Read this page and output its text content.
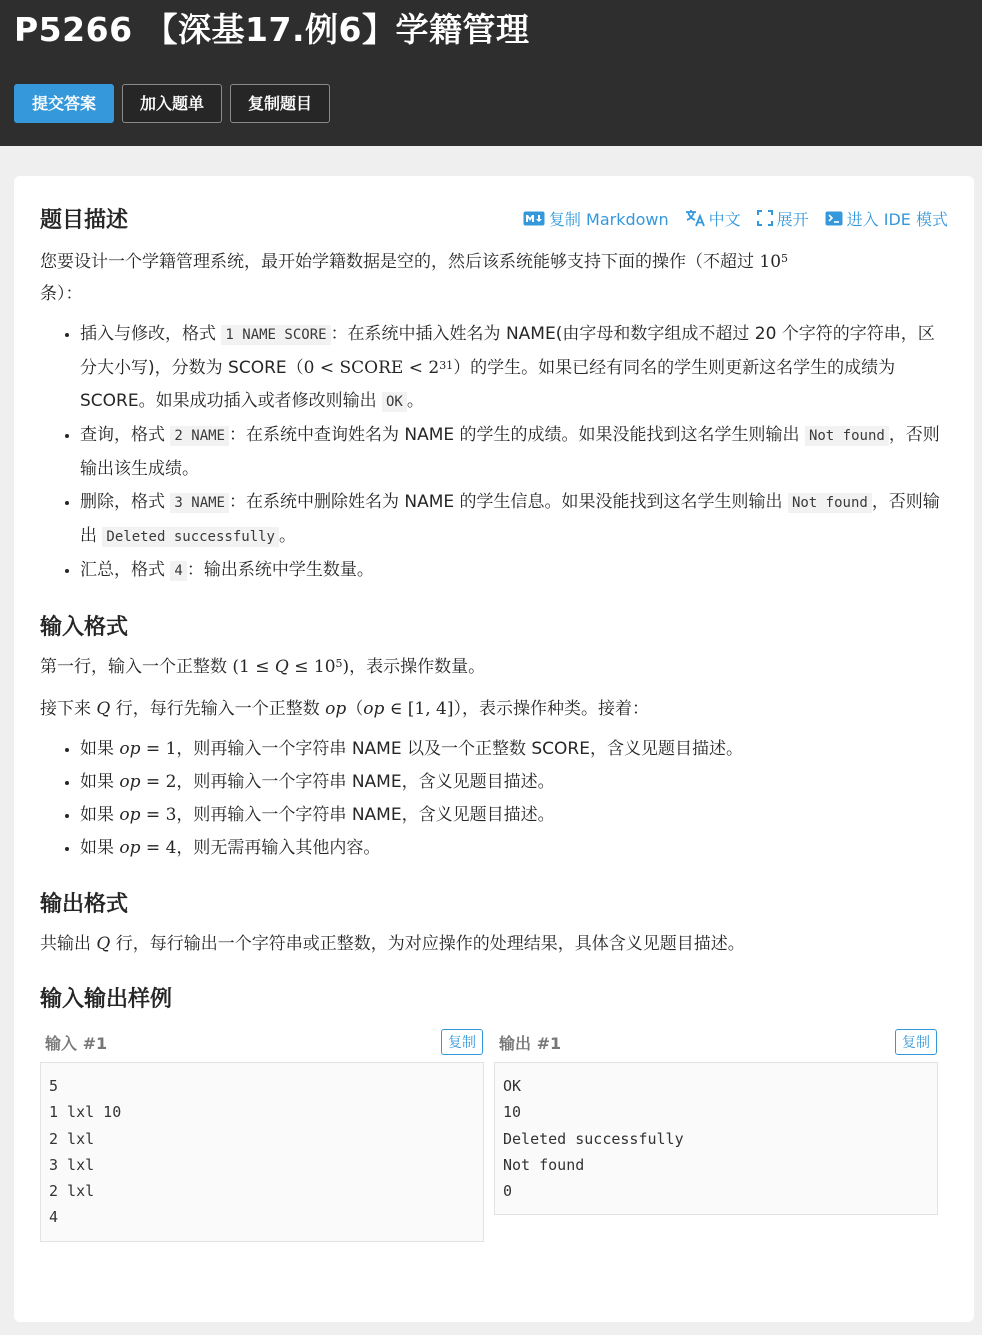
P5266 【深基17.例6】学籍管理
提交答案	加入题单	复制题目
题目描述	复制 Markdown	中文 展开 进入 IDE 模式

您要设计一个学籍管理系统，最开始学籍数据是空的，然后该系统能够支持下面的操作（不超过 $10^5$
条）：

• 插入与修改，格式 1 NAME SCORE ：在系统中插入姓名为 NAME(由字母和数字组成不超过 20 个字符的字符串，区分大小写)，分数为 SCORE（0 < SCORE < $2^{31}$）的学生。如果已经有同名的学生则更新这名学生的成绩为 SCORE。如果成功插入或者修改则输出 OK 。
• 查询，格式 2 NAME ：在系统中查询姓名为 NAME 的学生的成绩。如果没能找到这名学生则输出 Not found ，否则输出该生成绩。
• 删除，格式 3 NAME ：在系统中删除姓名为 NAME 的学生信息。如果没能找到这名学生则输出 Not found ，否则输出 Deleted successfully 。
• 汇总，格式 4 ：输出系统中学生数量。
输入格式

第一行，输入一个正整数 $(1 \le Q \le 10^5)$，表示操作数量。

接下来 Q 行，每行先输入一个正整数 op（op ∈ [1, 4]），表示操作种类。接着：

• 如果 op = 1，则再输入一个字符串 NAME 以及一个正整数 SCORE，含义见题目描述。
• 如果 op = 2，则再输入一个字符串 NAME，含义见题目描述。
• 如果 op = 3，则再输入一个字符串 NAME，含义见题目描述。
• 如果 op = 4，则无需再输入其他内容。
输出格式

共输出 Q 行，每行输出一个字符串或正整数，为对应操作的处理结果，具体含义见题目描述。

输入输出样例
输入 #1	复制
5
1 lxl 10
2 lxl
3 lxl
2 lxl
4
输出 #1	复制
OK
10
Deleted successfully
Not found
0
